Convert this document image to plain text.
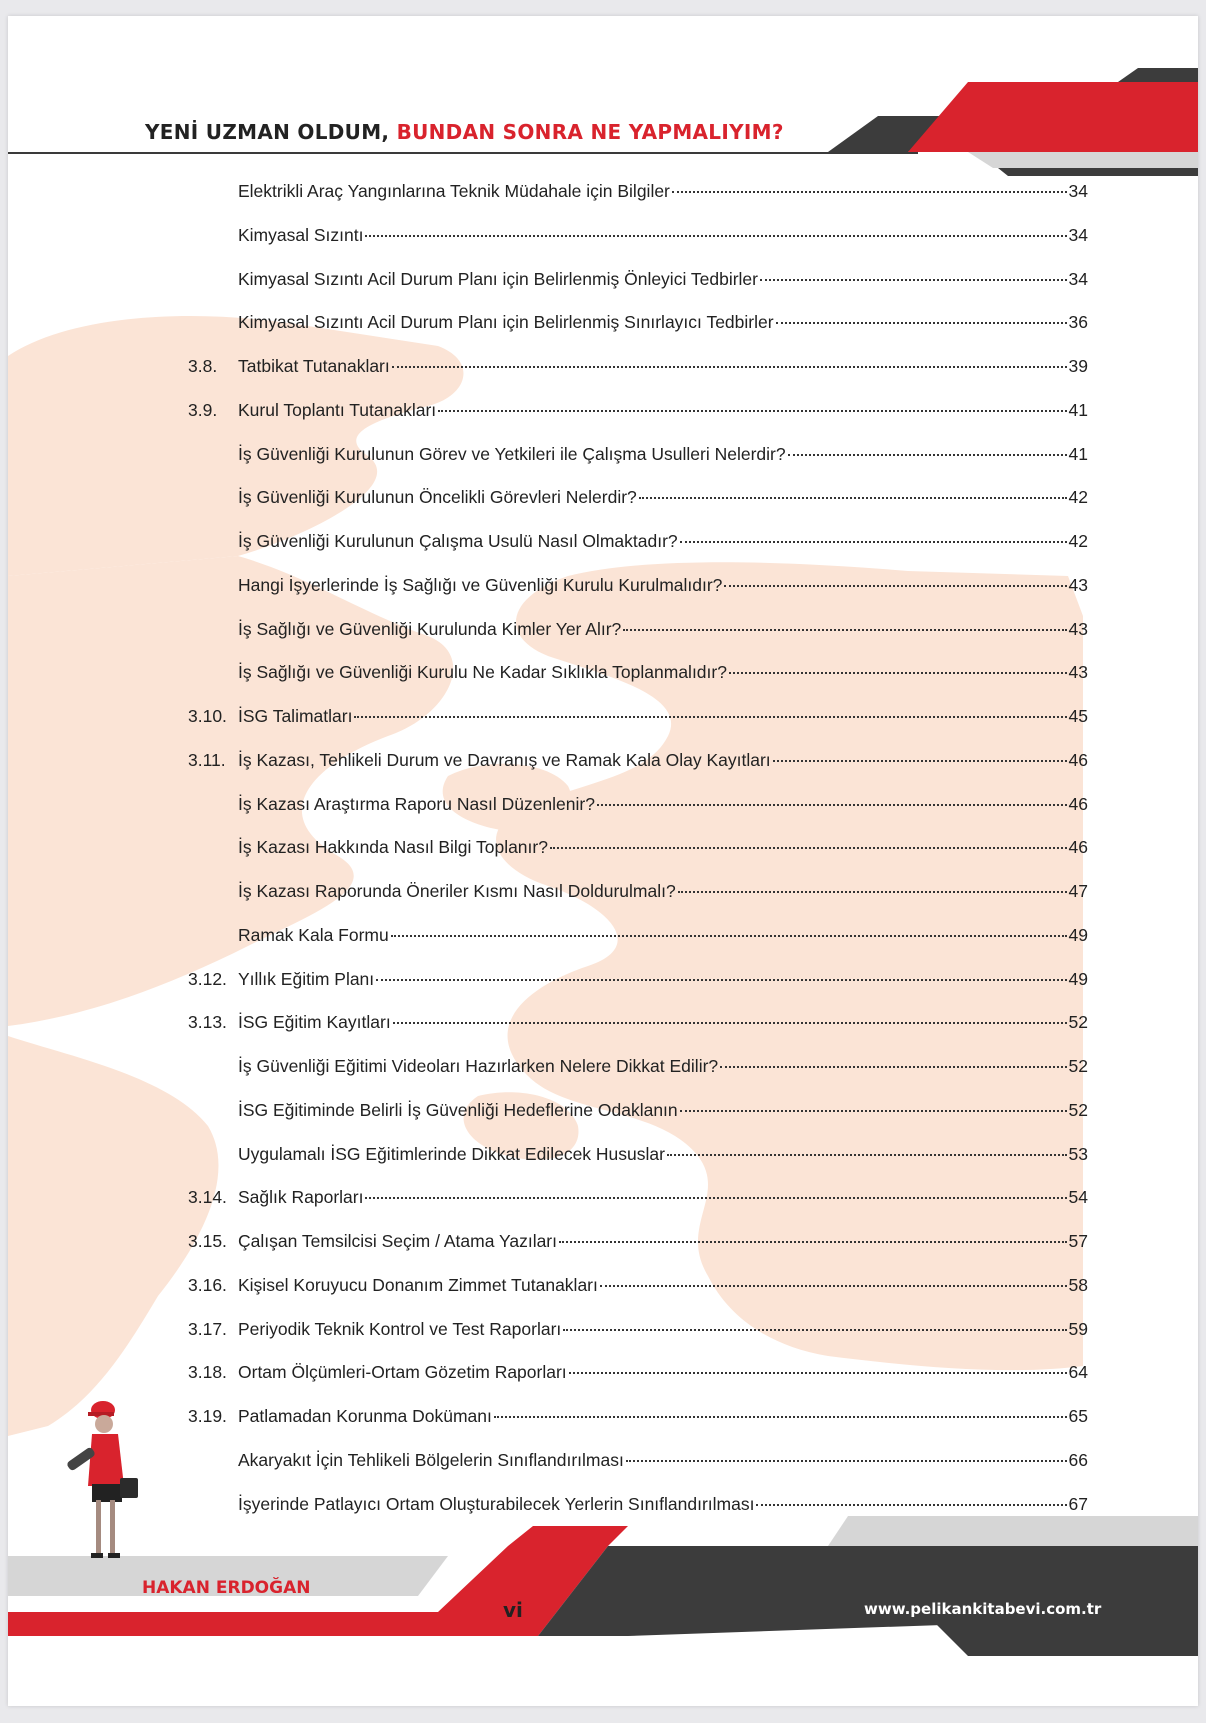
YENİ UZMAN OLDUM, BUNDAN SONRA NE YAPMALIYIM?
Elektrikli Araç Yangınlarına Teknik Müdahale için Bilgiler	34
Kimyasal Sızıntı	34
Kimyasal Sızıntı Acil Durum Planı için Belirlenmiş Önleyici Tedbirler	34
Kimyasal Sızıntı Acil Durum Planı için Belirlenmiş Sınırlayıcı Tedbirler	36
3.8.	Tatbikat Tutanakları	39
3.9.	Kurul Toplantı Tutanakları	41
İş Güvenliği Kurulunun Görev ve Yetkileri ile Çalışma Usulleri Nelerdir?	41
İş Güvenliği Kurulunun Öncelikli Görevleri Nelerdir?	42
İş Güvenliği Kurulunun Çalışma Usulü Nasıl Olmaktadır?	42
Hangi İşyerlerinde İş Sağlığı ve Güvenliği Kurulu Kurulmalıdır?	43
İş Sağlığı ve Güvenliği Kurulunda Kimler Yer Alır?	43
İş Sağlığı ve Güvenliği Kurulu Ne Kadar Sıklıkla Toplanmalıdır?	43
3.10. İSG Talimatları	45
3.11. İş Kazası, Tehlikeli Durum ve Davranış ve Ramak Kala Olay Kayıtları	46
İş Kazası Araştırma Raporu Nasıl Düzenlenir?	46
İş Kazası Hakkında Nasıl Bilgi Toplanır?	46
İş Kazası Raporunda Öneriler Kısmı Nasıl Doldurulmalı?	47
Ramak Kala Formu	49
3.12. Yıllık Eğitim Planı	49
3.13. İSG Eğitim Kayıtları	52
İş Güvenliği Eğitimi Videoları Hazırlarken Nelere Dikkat Edilir?	52
İSG Eğitiminde Belirli İş Güvenliği Hedeflerine Odaklanın	52
Uygulamalı İSG Eğitimlerinde Dikkat Edilecek Hususlar	53
3.14. Sağlık Raporları	54
3.15. Çalışan Temsilcisi Seçim / Atama Yazıları	57
3.16. Kişisel Koruyucu Donanım Zimmet Tutanakları	58
3.17. Periyodik Teknik Kontrol ve Test Raporları	59
3.18. Ortam Ölçümleri-Ortam Gözetim Raporları	64
3.19. Patlamadan Korunma Dokümanı	65
Akaryakıt İçin Tehlikeli Bölgelerin Sınıflandırılması	66
İşyerinde Patlayıcı Ortam Oluşturabilecek Yerlerin Sınıflandırılması	67
HAKAN ERDOĞAN
vi	www.pelikankitabevi.com.tr
